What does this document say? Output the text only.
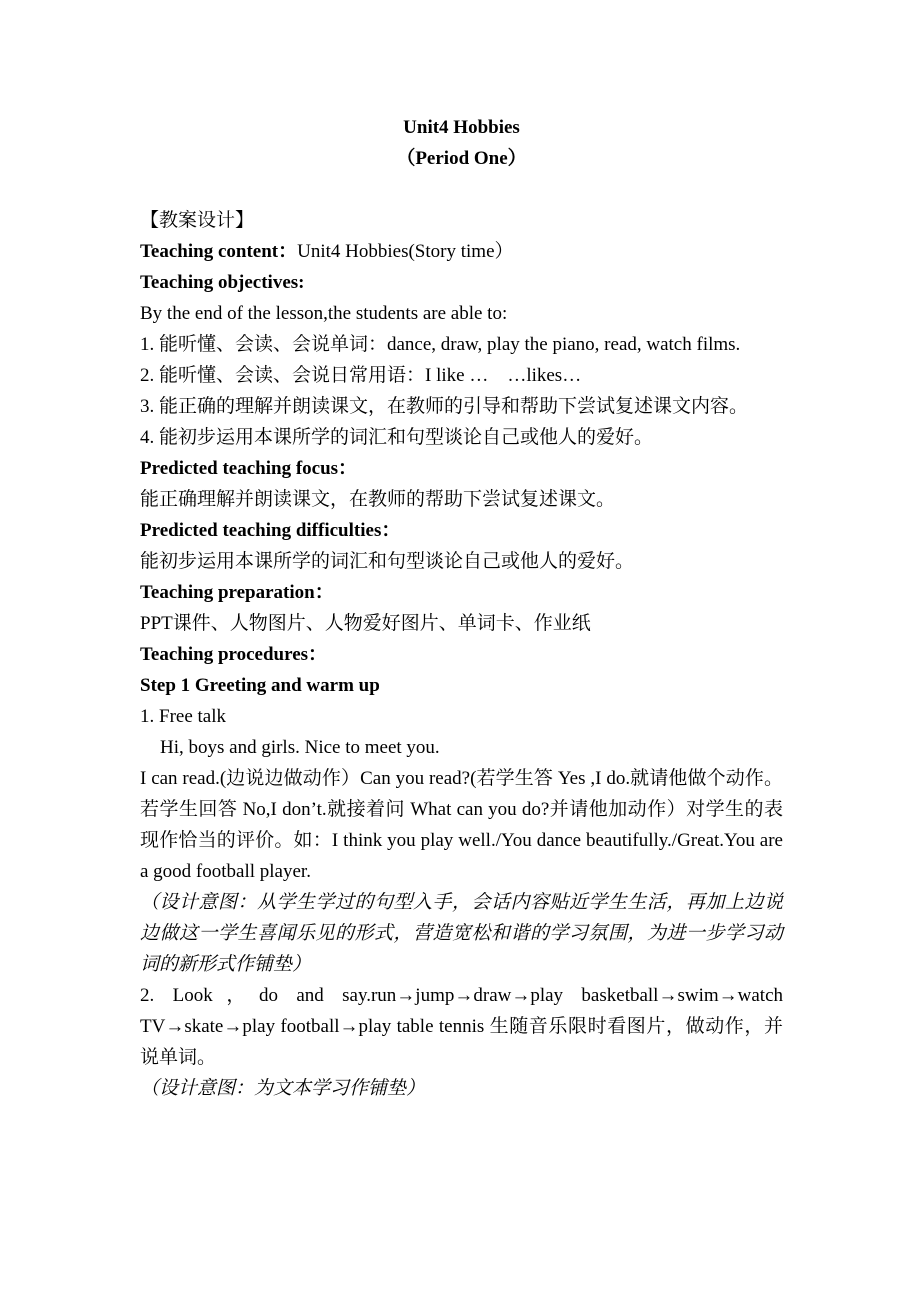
Unit4 Hobbies

（Period One）

【教案设计】

Teaching content：Unit4 Hobbies(Story time）

Teaching objectives:

By the end of the lesson,the students are able to:

1. 能听懂、会读、会说单词：dance, draw, play the piano, read, watch films.

2. 能听懂、会读、会说日常用语：I like …　…likes…

3. 能正确的理解并朗读课文，在教师的引导和帮助下尝试复述课文内容。

4. 能初步运用本课所学的词汇和句型谈论自己或他人的爱好。

Predicted teaching focus：

能正确理解并朗读课文，在教师的帮助下尝试复述课文。

Predicted teaching difficulties：

能初步运用本课所学的词汇和句型谈论自己或他人的爱好。

Teaching preparation：

PPT课件、人物图片、人物爱好图片、单词卡、作业纸

Teaching procedures：

Step 1 Greeting and warm up

1. Free talk

Hi, boys and girls. Nice to meet you.

I can read.(边说边做动作）Can you read?(若学生答 Yes ,I do.就请他做个动作。若学生回答 No,I don’t.就接着问 What can you do?并请他加动作）对学生的表现作恰当的评价。如：I think you play well./You dance beautifully./Great.You are a good football player.

（设计意图：从学生学过的句型入手，会话内容贴近学生生活，再加上边说边做这一学生喜闻乐见的形式，营造宽松和谐的学习氛围，为进一步学习动词的新形式作铺垫）

2. Look，do and say.run→jump→draw→play basketball→swim→watch TV→skate→play football→play table tennis 生随音乐限时看图片，做动作，并说单词。

（设计意图：为文本学习作铺垫）
